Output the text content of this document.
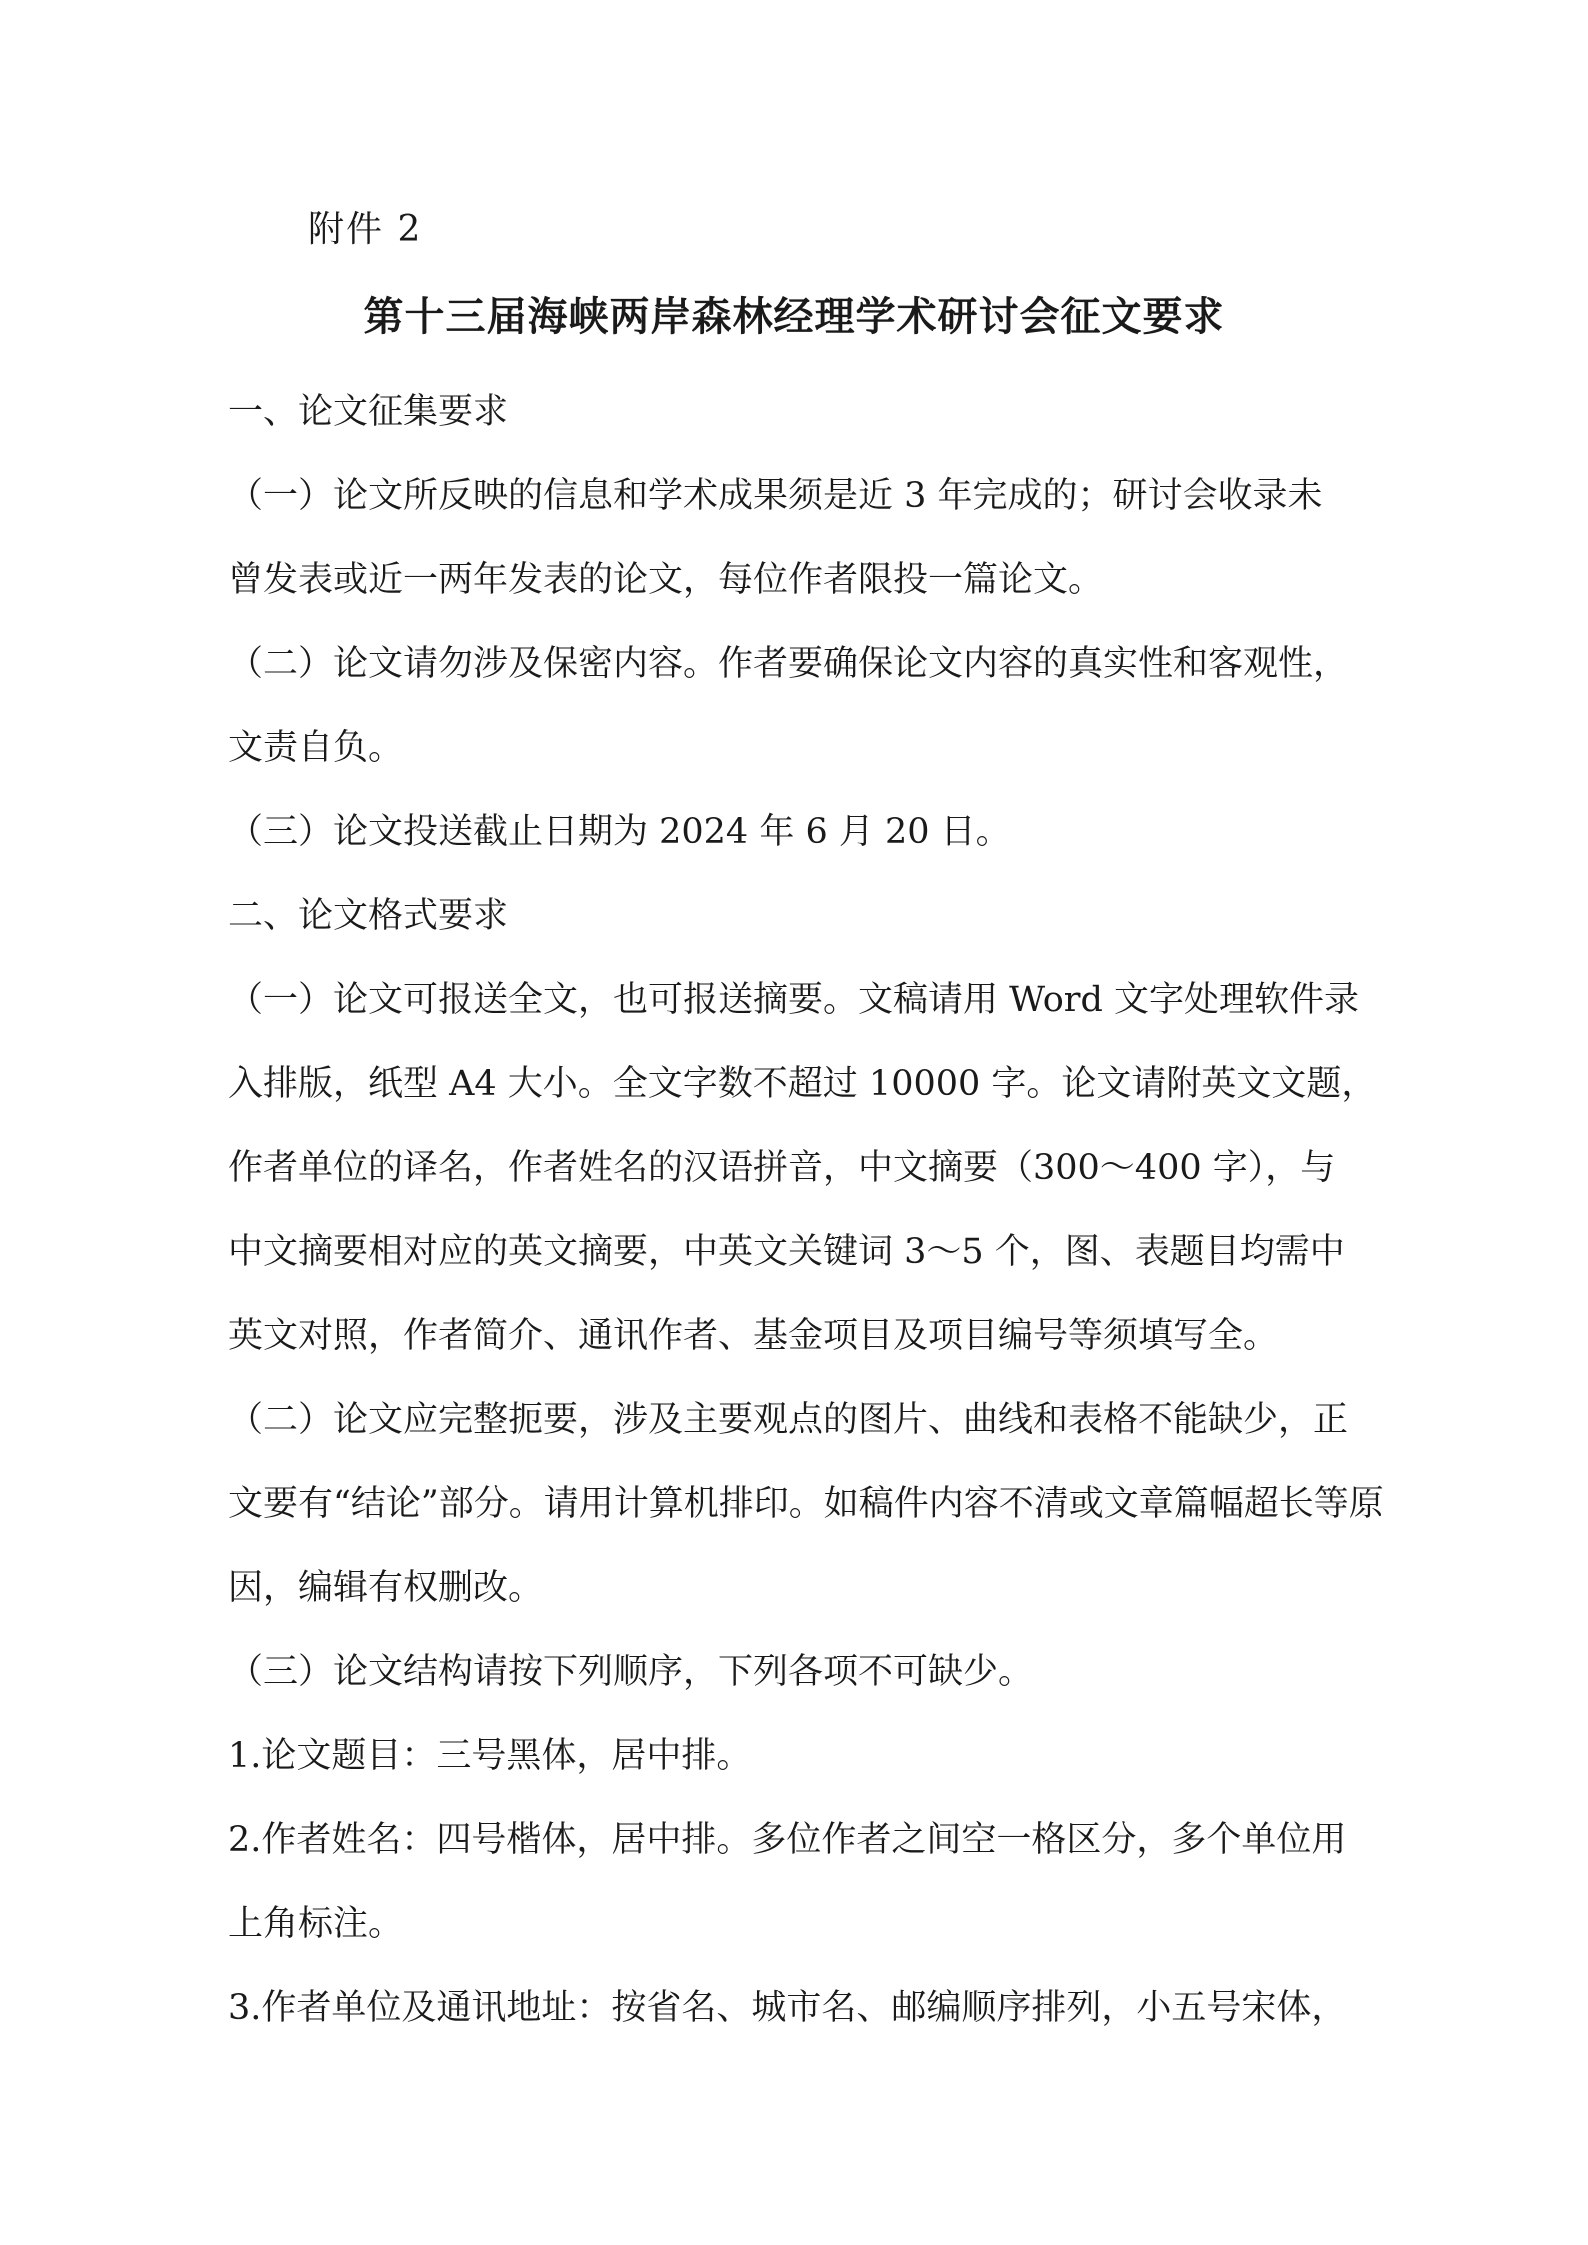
附件 2
第十三届海峡两岸森林经理学术研讨会征文要求
一、论文征集要求
（一）论文所反映的信息和学术成果须是近 3 年完成的；研讨会收录未
曾发表或近一两年发表的论文，每位作者限投一篇论文。
（二）论文请勿涉及保密内容。作者要确保论文内容的真实性和客观性，
文责自负。
（三）论文投送截止日期为 2024 年 6 月 20 日。
二、论文格式要求
（一）论文可报送全文，也可报送摘要。文稿请用 Word 文字处理软件录
入排版，纸型 A4 大小。全文字数不超过 10000 字。论文请附英文文题，
作者单位的译名，作者姓名的汉语拼音，中文摘要（300～400 字），与
中文摘要相对应的英文摘要，中英文关键词 3～5 个，图、表题目均需中
英文对照，作者简介、通讯作者、基金项目及项目编号等须填写全。
（二）论文应完整扼要，涉及主要观点的图片、曲线和表格不能缺少，正
文要有“结论”部分。请用计算机排印。如稿件内容不清或文章篇幅超长等原
因，编辑有权删改。
（三）论文结构请按下列顺序，下列各项不可缺少。
1.论文题目：三号黑体，居中排。
2.作者姓名：四号楷体，居中排。多位作者之间空一格区分，多个单位用
上角标注。
3.作者单位及通讯地址：按省名、城市名、邮编顺序排列，小五号宋体，
